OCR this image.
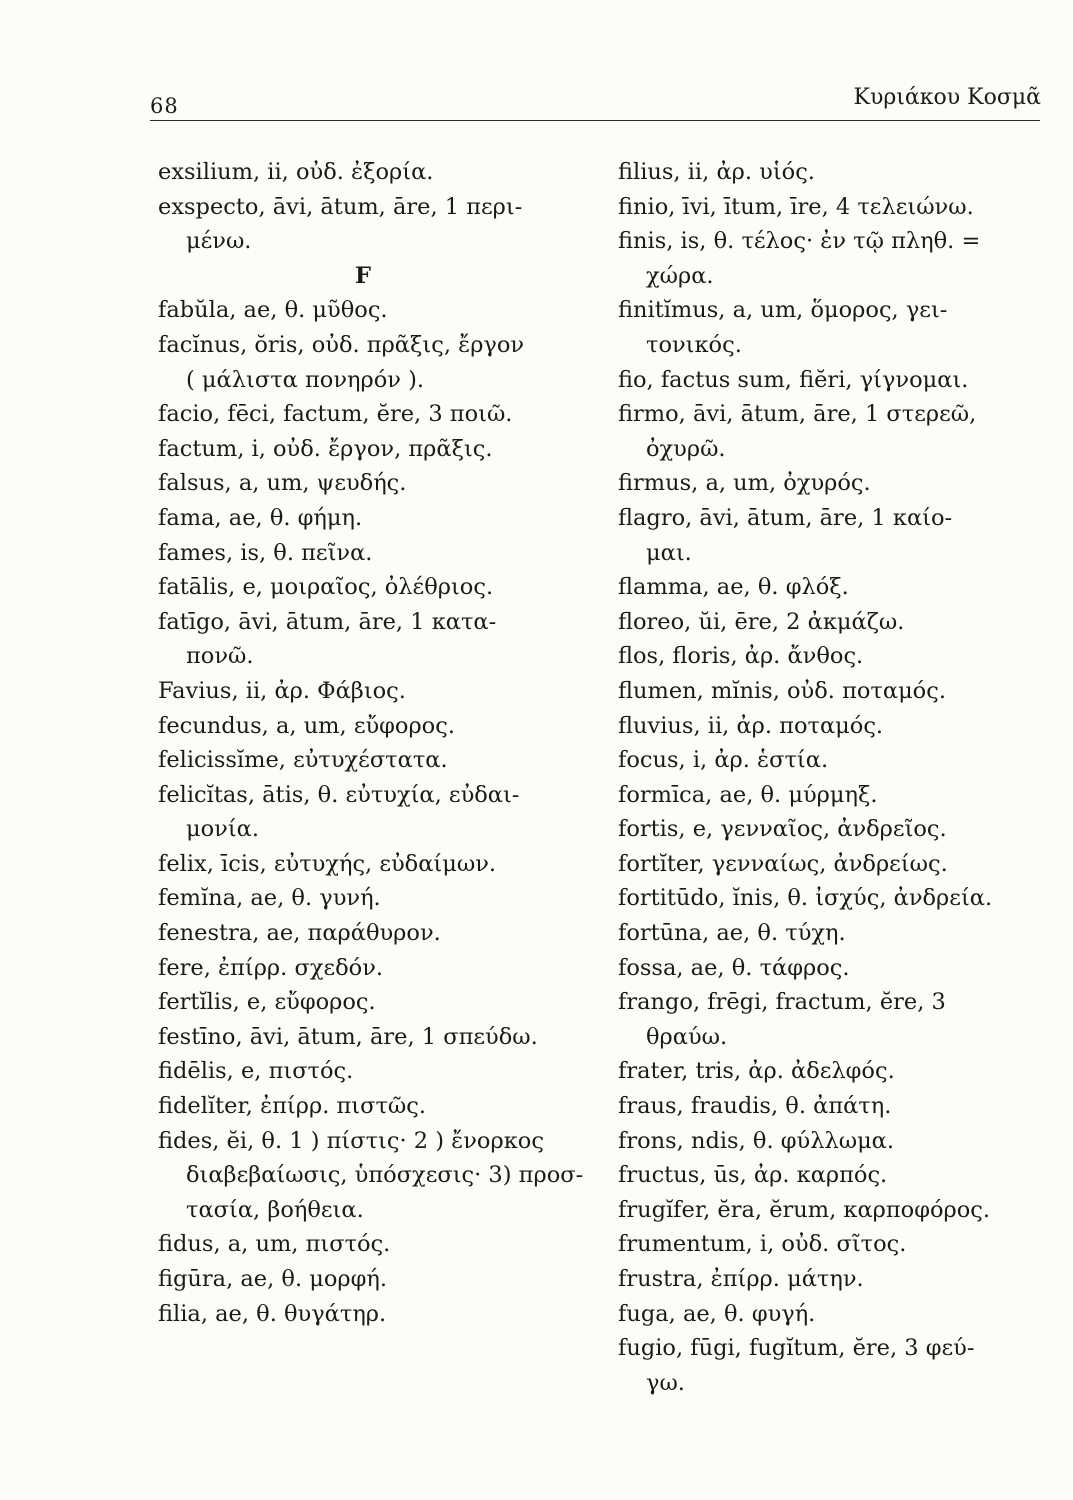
68	Κυριάκου Κοσμᾶ
exsilium, ii, οὐδ. ἐξορία.
exspecto, āvi, ātum, āre, 1 περι-
μένω.
F
fabŭla, ae, θ. μῦθος.
facĭnus, ŏris, οὐδ. πρᾶξις, ἔργον
( μάλιστα πονηρόν ).
facio, fēci, factum, ĕre, 3 ποιῶ.
factum, i, οὐδ. ἔργον, πρᾶξις.
falsus, a, um, ψευδής.
fama, ae, θ. φήμη.
fames, is, θ. πεῖνα.
fatālis, e, μοιραῖος, ὀλέθριος.
fatīgo, āvi, ātum, āre, 1 κατα-
πονῶ.
Favius, ii, ἀρ. Φάβιος.
fecundus, a, um, εὔφορος.
felicissĭme, εὐτυχέστατα.
felicĭtas, ātis, θ. εὐτυχία, εὐδαι-
μονία.
felix, īcis, εὐτυχής, εὐδαίμων.
femĭna, ae, θ. γυνή.
fenestra, ae, παράθυρον.
fere, ἐπίρρ. σχεδόν.
fertĭlis, e, εὔφορος.
festīno, āvi, ātum, āre, 1 σπεύδω.
fidēlis, e, πιστός.
fidelĭter, ἐπίρρ. πιστῶς.
fides, ĕi, θ. 1 ) πίστις· 2 ) ἔνορκος
διαβεβαίωσις, ὑπόσχεσις· 3) προσ-
τασία, βοήθεια.
fidus, a, um, πιστός.
figūra, ae, θ. μορφή.
filia, ae, θ. θυγάτηρ.
filius, ii, ἀρ. υἱός.
finio, īvi, ītum, īre, 4 τελειώνω.
finis, is, θ. τέλος· ἐν τῷ πληθ. =
χώρα.
finitĭmus, a, um, ὅμορος, γει-
τονικός.
fio, factus sum, fiĕri, γίγνομαι.
firmo, āvi, ātum, āre, 1 στερεῶ,
ὀχυρῶ.
firmus, a, um, ὀχυρός.
flagro, āvi, ātum, āre, 1 καίο-
μαι.
flamma, ae, θ. φλόξ.
floreo, ŭi, ēre, 2 ἀκμάζω.
flos, floris, ἀρ. ἄνθος.
flumen, mĭnis, οὐδ. ποταμός.
fluvius, ii, ἀρ. ποταμός.
focus, i, ἀρ. ἑστία.
formīca, ae, θ. μύρμηξ.
fortis, e, γενναῖος, ἀνδρεῖος.
fortĭter, γενναίως, ἀνδρείως.
fortitūdo, ĭnis, θ. ἰσχύς, ἀνδρεία.
fortūna, ae, θ. τύχη.
fossa, ae, θ. τάφρος.
frango, frēgi, fractum, ĕre, 3
θραύω.
frater, tris, ἀρ. ἀδελφός.
fraus, fraudis, θ. ἀπάτη.
frons, ndis, θ. φύλλωμα.
fructus, ūs, ἀρ. καρπός.
frugĭfer, ĕra, ĕrum, καρποφόρος.
frumentum, i, οὐδ. σῖτος.
frustra, ἐπίρρ. μάτην.
fuga, ae, θ. φυγή.
fugio, fūgi, fugĭtum, ĕre, 3 φεύ-
γω.
